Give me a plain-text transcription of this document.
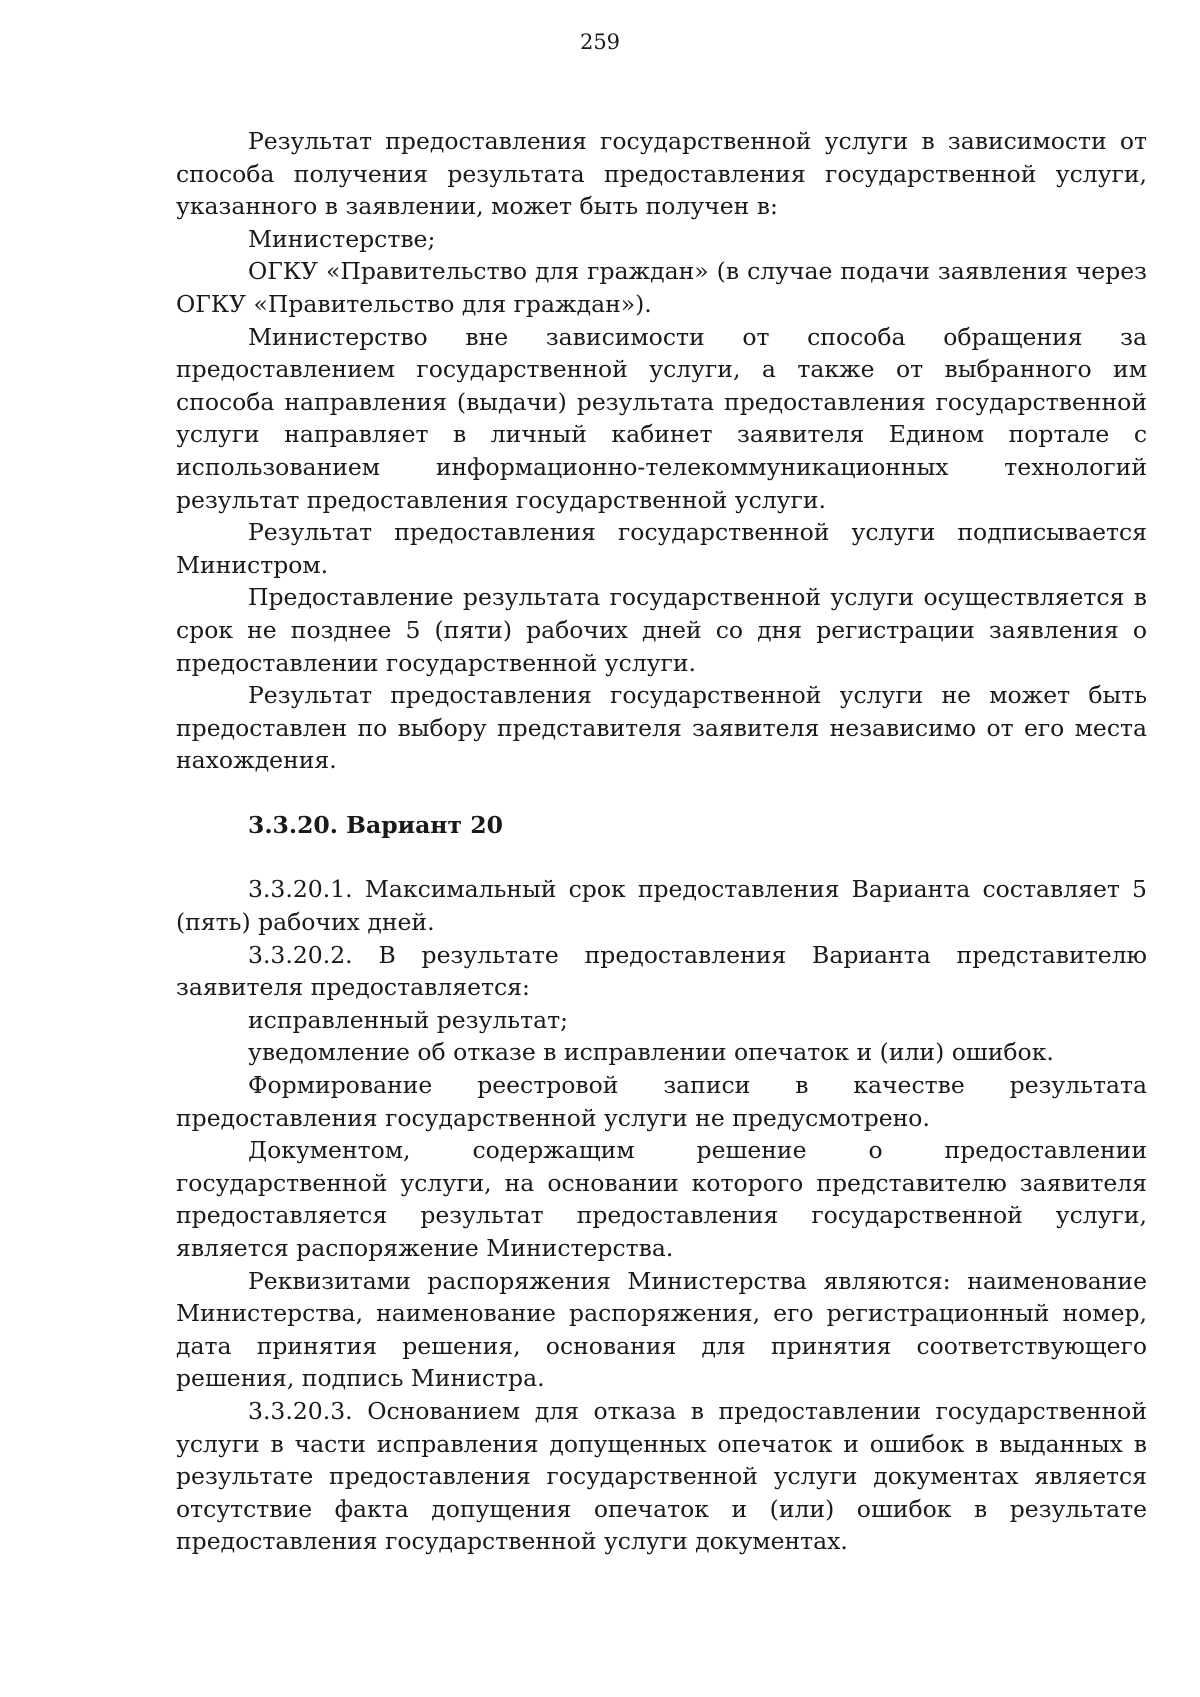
259

Результат предоставления государственной услуги в зависимости от способа получения результата предоставления государственной услуги, указанного в заявлении, может быть получен в:

Министерстве;

ОГКУ «Правительство для граждан» (в случае подачи заявления через ОГКУ «Правительство для граждан»).

Министерство вне зависимости от способа обращения за предоставлением государственной услуги, а также от выбранного им способа направления (выдачи) результата предоставления государственной услуги направляет в личный кабинет заявителя Едином портале с использованием информационно-телекоммуникационных технологий результат предоставления государственной услуги.

Результат предоставления государственной услуги подписывается Министром.

Предоставление результата государственной услуги осуществляется в срок не позднее 5 (пяти) рабочих дней со дня регистрации заявления о предоставлении государственной услуги.

Результат предоставления государственной услуги не может быть предоставлен по выбору представителя заявителя независимо от его места нахождения.

3.3.20. Вариант 20

3.3.20.1. Максимальный срок предоставления Варианта составляет 5 (пять) рабочих дней.

3.3.20.2. В результате предоставления Варианта представителю заявителя предоставляется:

исправленный результат;

уведомление об отказе в исправлении опечаток и (или) ошибок.

Формирование реестровой записи в качестве результата предоставления государственной услуги не предусмотрено.

Документом, содержащим решение о предоставлении государственной услуги, на основании которого представителю заявителя предоставляется результат предоставления государственной услуги, является распоряжение Министерства.

Реквизитами распоряжения Министерства являются: наименование Министерства, наименование распоряжения, его регистрационный номер, дата принятия решения, основания для принятия соответствующего решения, подпись Министра.

3.3.20.3. Основанием для отказа в предоставлении государственной услуги в части исправления допущенных опечаток и ошибок в выданных в результате предоставления государственной услуги документах является отсутствие факта допущения опечаток и (или) ошибок в результате предоставления государственной услуги документах.
